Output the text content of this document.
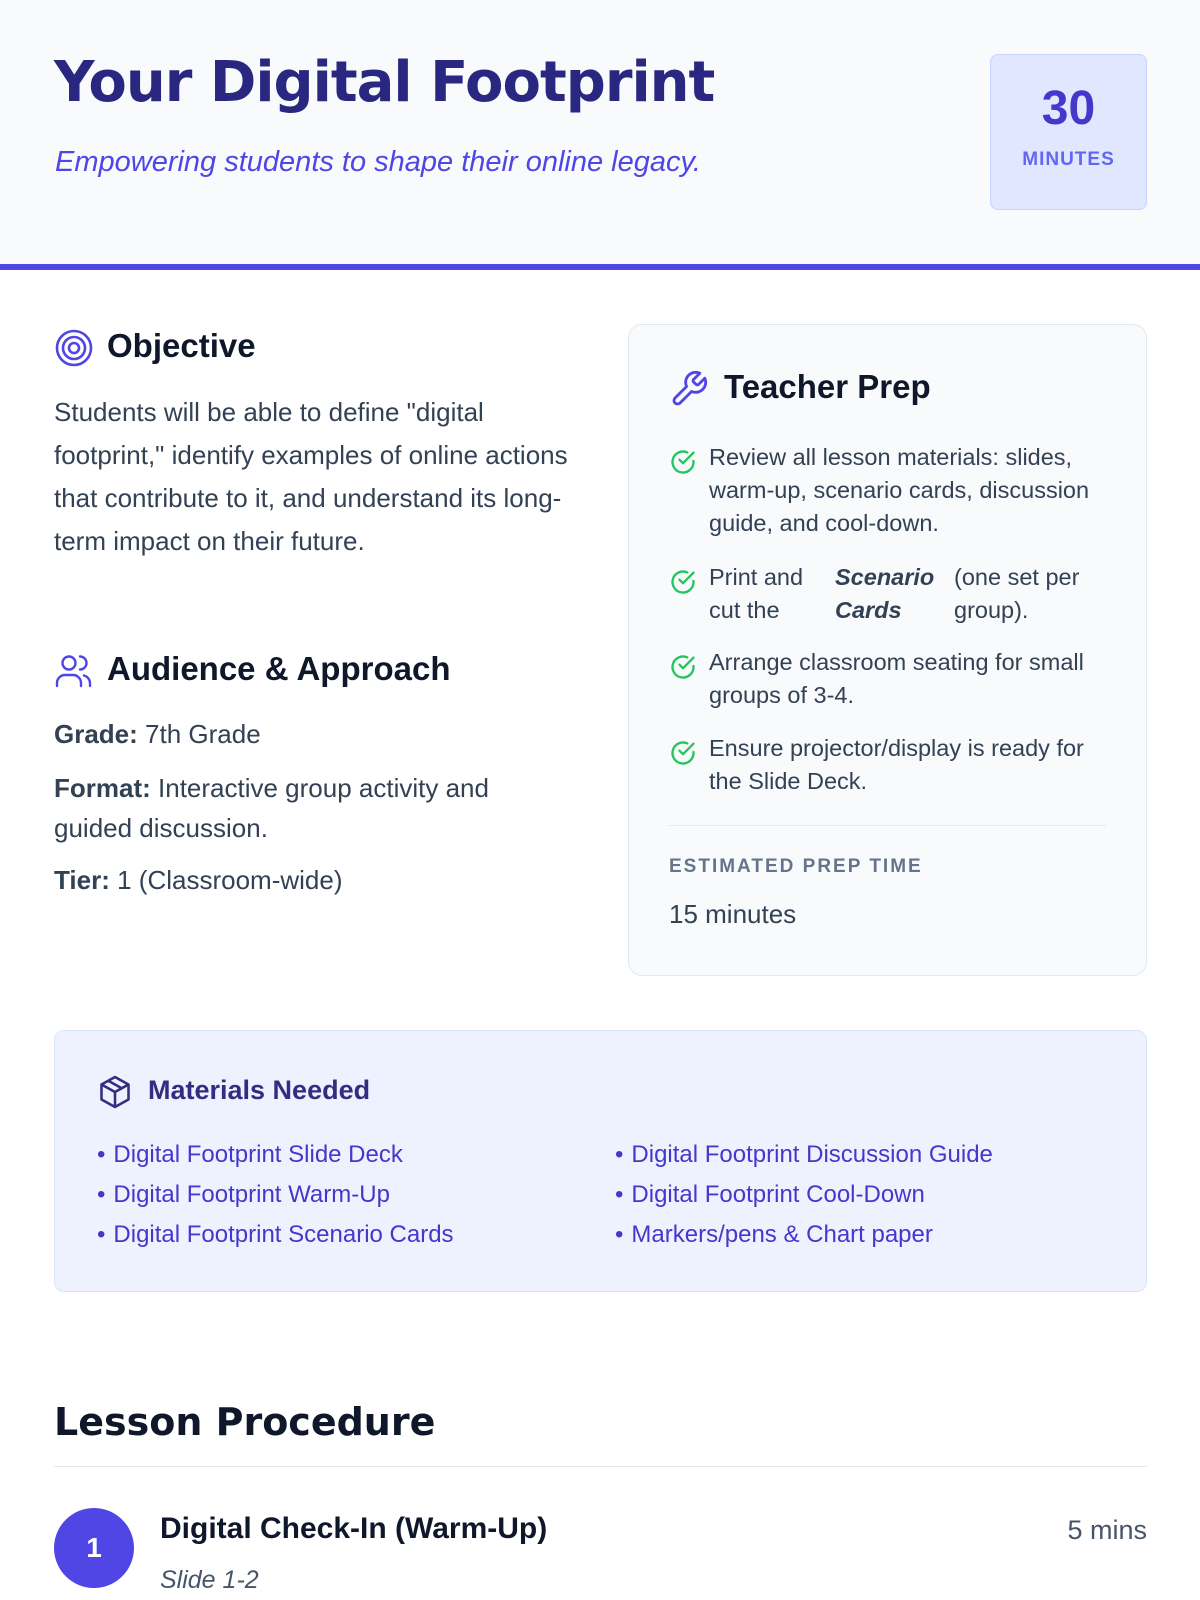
Your Digital Footprint

Empowering students to shape their online legacy.

30
MINUTES
Objective

Students will be able to define "digital footprint," identify examples of online actions that contribute to it, and understand its long-term impact on their future.

Audience & Approach
Grade: 7th Grade
Format: Interactive group activity and guided discussion.
Tier: 1 (Classroom-wide)
Teacher Prep

Review all lesson materials: slides, warm-up, scenario cards, discussion guide, and cool-down.

Print and cut the
Scenario Cards
(one set per group).

Arrange classroom seating for small groups of 3-4.

Ensure projector/display is ready for the Slide Deck.

ESTIMATED PREP TIME
15 minutes
Materials Needed
• Digital Footprint Slide Deck
• Digital Footprint Warm-Up
• Digital Footprint Scenario Cards
• Digital Footprint Discussion Guide
• Digital Footprint Cool-Down
• Markers/pens & Chart paper
Lesson Procedure
1
Digital Check-In (Warm-Up)
Slide 1-2
5 mins
